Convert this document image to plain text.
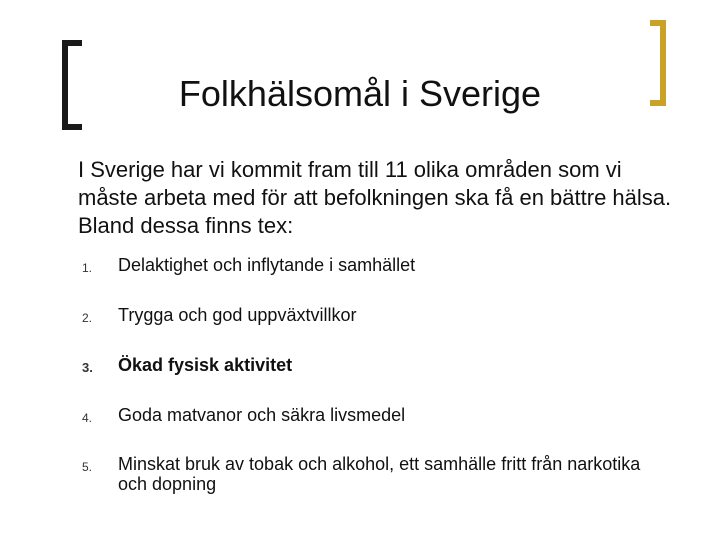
Folkhälsomål i Sverige

I Sverige har vi kommit fram till 11 olika områden som vi måste arbeta med för att befolkningen ska få en bättre hälsa. Bland dessa finns tex:

1. Delaktighet och inflytande i samhället
2. Trygga och god uppväxtvillkor
3. Ökad fysisk aktivitet
4. Goda matvanor och säkra livsmedel
5. Minskat bruk av tobak och alkohol, ett samhälle fritt från narkotika och dopning
